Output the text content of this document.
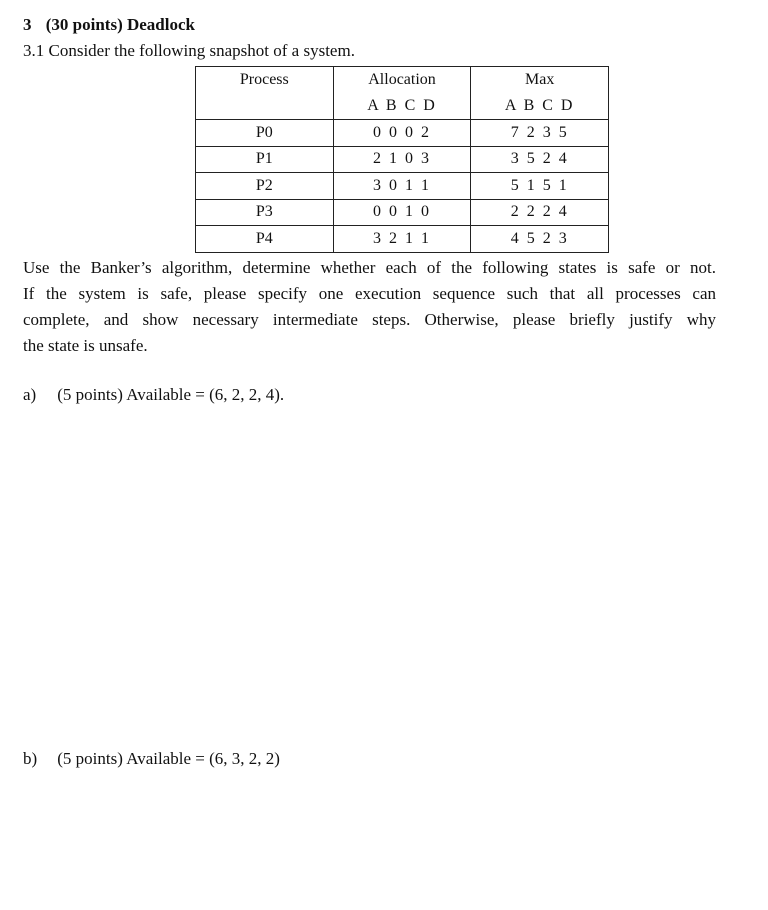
3 (30 points) Deadlock
3.1 Consider the following snapshot of a system.
Process	Allocation	Max
	A B C D	A B C D
P0	0 0 0 2	7 2 3 5
P1	2 1 0 3	3 5 2 4
P2	3 0 1 1	5 1 5 1
P3	0 0 1 0	2 2 2 4
P4	3 2 1 1	4 5 2 3
Use the Banker’s algorithm, determine whether each of the following states is safe or not.
If the system is safe, please specify one execution sequence such that all processes can
complete, and show necessary intermediate steps. Otherwise, please briefly justify why
the state is unsafe.
a) (5 points) Available = (6, 2, 2, 4).
b) (5 points) Available = (6, 3, 2, 2)
